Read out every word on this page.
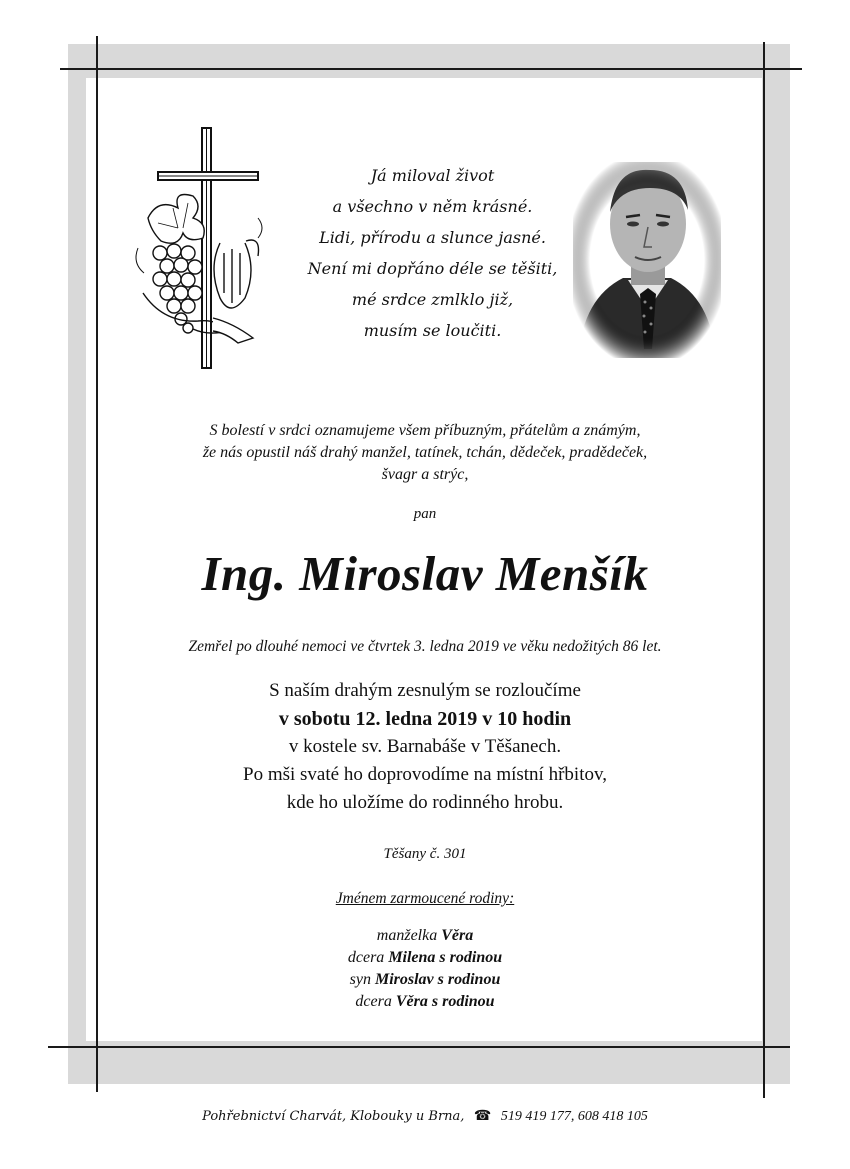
Já miloval život
a všechno v něm krásné.
Lidi, přírodu a slunce jasné.
Není mi dopřáno déle se těšiti,
mé srdce zmlklo již,
musím se loučiti.
S bolestí v srdci oznamujeme všem příbuzným, přátelům a známým,
že nás opustil náš drahý manžel, tatínek, tchán, dědeček, pradědeček,
švagr a strýc,
pan
Ing. Miroslav Menšík
Zemřel po dlouhé nemoci ve čtvrtek 3. ledna 2019 ve věku nedožitých 86 let.
S naším drahým zesnulým se rozloučíme
v sobotu 12. ledna 2019 v 10 hodin
v kostele sv. Barnabáše v Těšanech.
Po mši svaté ho doprovodíme na místní hřbitov,
kde ho uložíme do rodinného hrobu.
Těšany č. 301
Jménem zarmoucené rodiny:
manželka Věra
dcera Milena s rodinou
syn Miroslav s rodinou
dcera Věra s rodinou
Pohřebnictví Charvát, Klobouky u Brna, ☎ 519 419 177, 608 418 105
